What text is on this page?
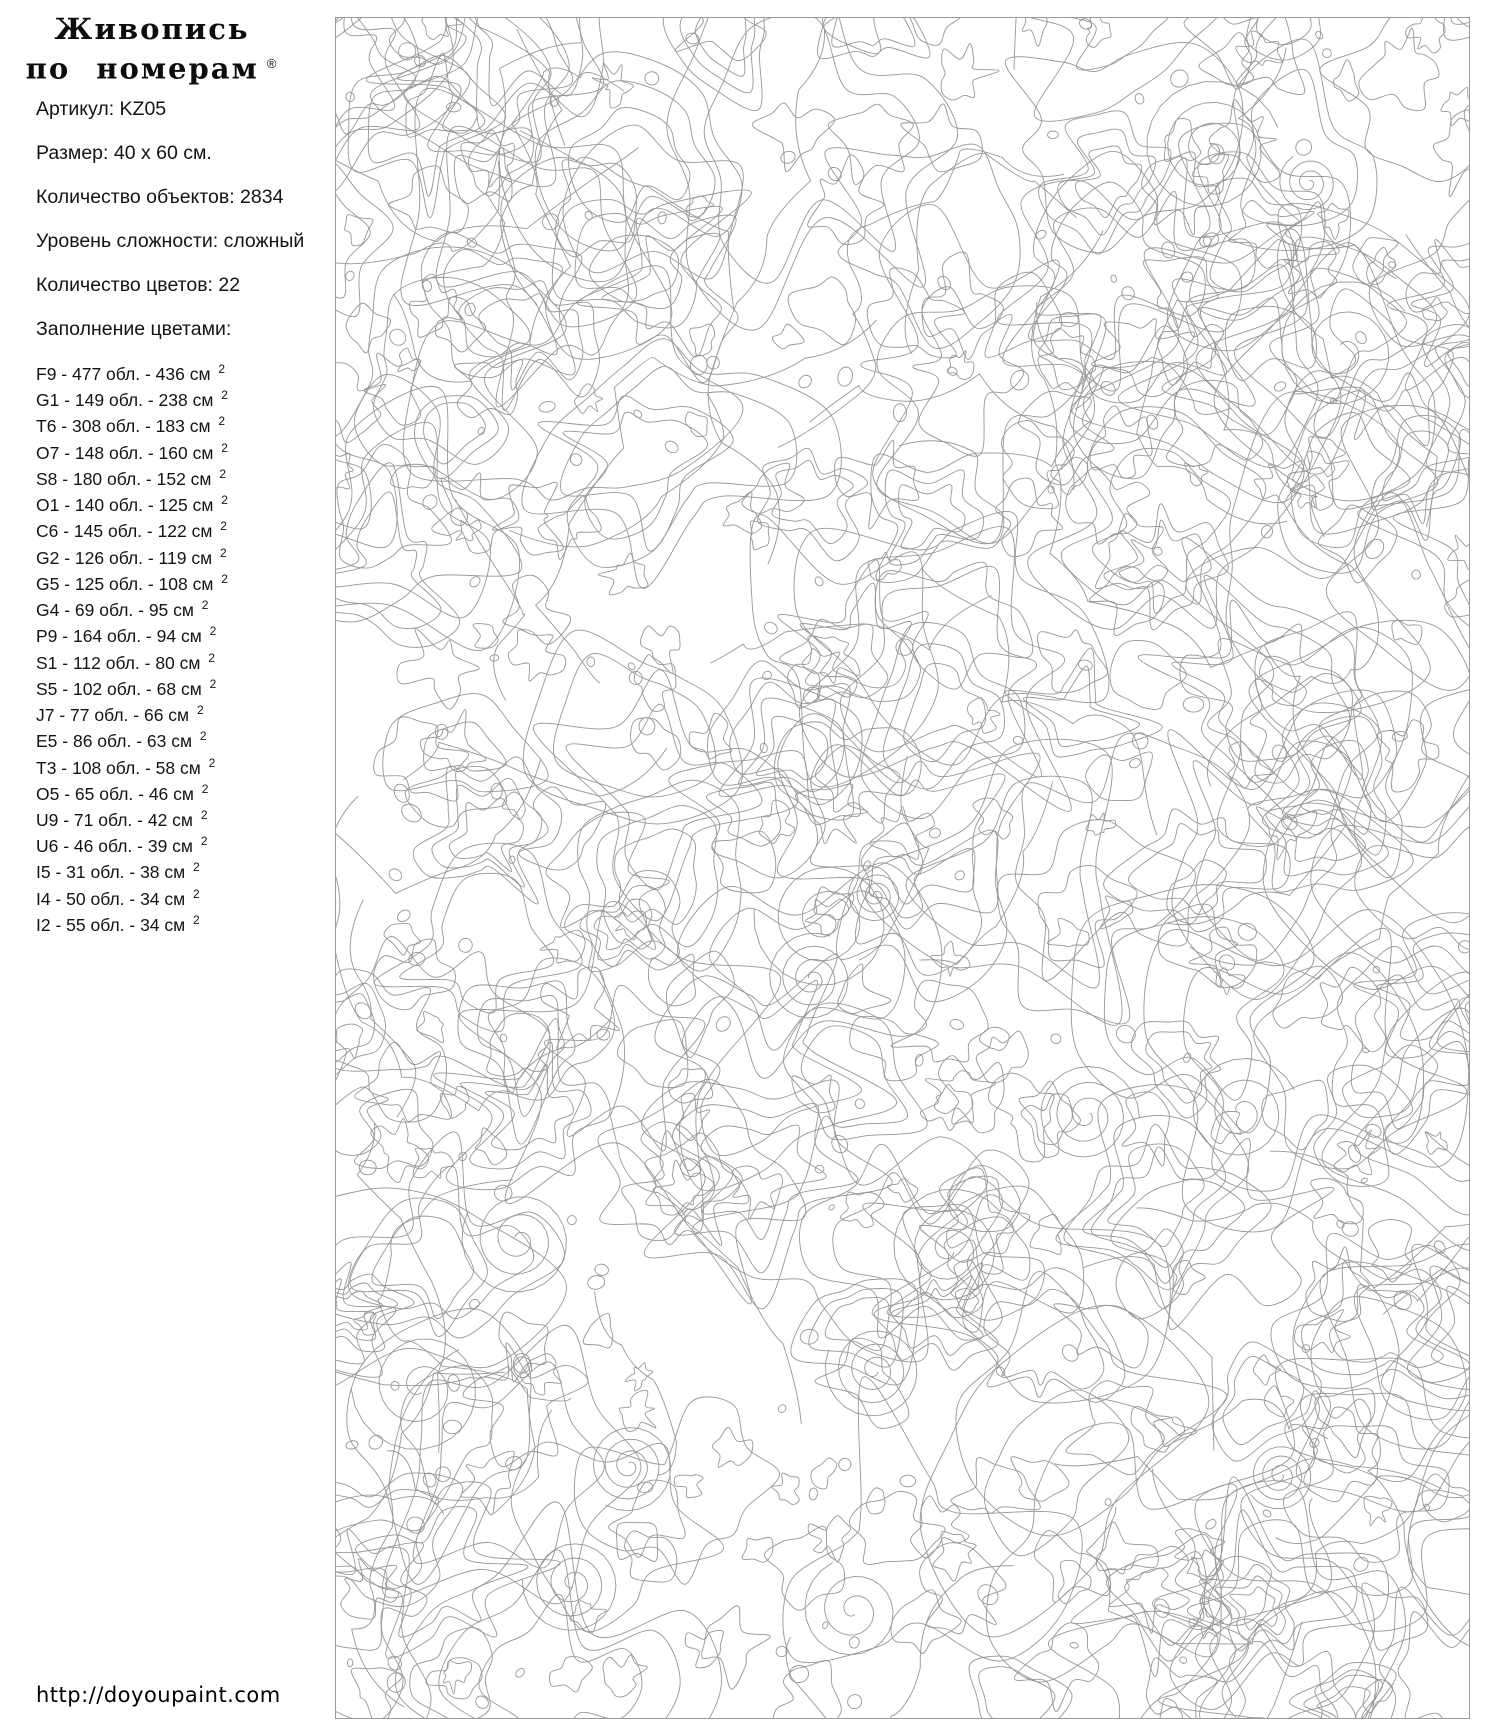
Живопись
по номерам ®
Артикул: KZ05
Размер: 40 x 60 см.
Количество объектов: 2834
Уровень сложности: сложный
Количество цветов: 22
Заполнение цветами:
F9 - 477 обл. - 436 см $^2$
G1 - 149 обл. - 238 см $^2$
T6 - 308 обл. - 183 см $^2$
O7 - 148 обл. - 160 см $^2$
S8 - 180 обл. - 152 см $^2$
O1 - 140 обл. - 125 см $^2$
C6 - 145 обл. - 122 см $^2$
G2 - 126 обл. - 119 см $^2$
G5 - 125 обл. - 108 см $^2$
G4 - 69 обл. - 95 см $^2$
P9 - 164 обл. - 94 см $^2$
S1 - 112 обл. - 80 см $^2$
S5 - 102 обл. - 68 см $^2$
J7 - 77 обл. - 66 см $^2$
E5 - 86 обл. - 63 см $^2$
T3 - 108 обл. - 58 см $^2$
O5 - 65 обл. - 46 см $^2$
U9 - 71 обл. - 42 см $^2$
U6 - 46 обл. - 39 см $^2$
I5 - 31 обл. - 38 см $^2$
I4 - 50 обл. - 34 см $^2$
I2 - 55 обл. - 34 см $^2$
http://doyoupaint.com
